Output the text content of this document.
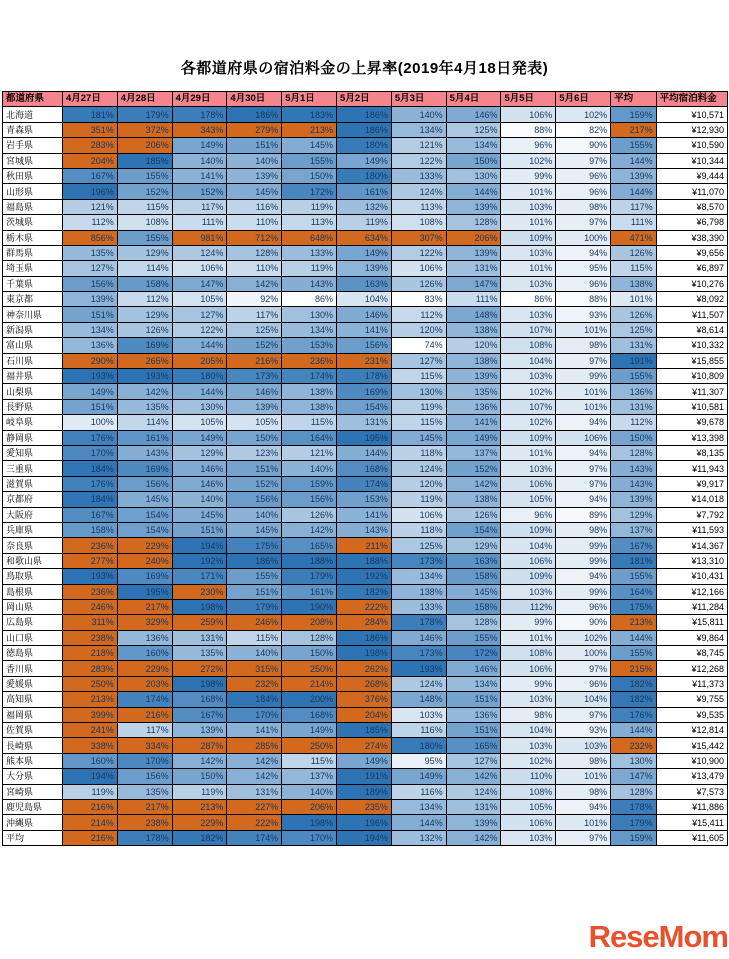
各都道府県の宿泊料金の上昇率(2019年4月18日発表)
都道府県	4月27日	4月28日	4月29日	4月30日	5月1日	5月2日	5月3日	5月4日	5月5日	5月6日	平均	平均宿泊料金
北海道	181%	179%	178%	186%	183%	186%	140%	146%	106%	102%	159%	¥10,571
青森県	351%	372%	343%	279%	213%	186%	134%	125%	88%	82%	217%	¥12,930
岩手県	283%	206%	149%	151%	145%	180%	121%	134%	96%	90%	155%	¥10,590
宮城県	204%	185%	140%	140%	155%	149%	122%	150%	102%	97%	144%	¥10,344
秋田県	167%	155%	141%	139%	150%	180%	133%	130%	99%	96%	139%	¥9,444
山形県	196%	152%	152%	145%	172%	161%	124%	144%	101%	96%	144%	¥11,070
福島県	121%	115%	117%	116%	119%	132%	113%	139%	103%	98%	117%	¥8,570
茨城県	112%	108%	111%	110%	113%	119%	108%	128%	101%	97%	111%	¥6,798
栃木県	856%	155%	981%	712%	648%	634%	307%	206%	109%	100%	471%	¥38,390
群馬県	135%	129%	124%	128%	133%	149%	122%	139%	103%	94%	126%	¥9,656
埼玉県	127%	114%	106%	110%	119%	139%	106%	131%	101%	95%	115%	¥6,897
千葉県	156%	158%	147%	142%	143%	163%	126%	147%	103%	96%	138%	¥10,276
東京都	139%	112%	105%	92%	86%	104%	83%	111%	86%	88%	101%	¥8,092
神奈川県	151%	129%	127%	117%	130%	146%	112%	148%	103%	93%	126%	¥11,507
新潟県	134%	126%	122%	125%	134%	141%	120%	138%	107%	101%	125%	¥8,614
富山県	136%	169%	144%	152%	153%	156%	74%	120%	108%	98%	131%	¥10,332
石川県	290%	265%	205%	216%	236%	231%	127%	138%	104%	97%	191%	¥15,855
福井県	193%	193%	180%	173%	174%	178%	115%	139%	103%	99%	155%	¥10,809
山梨県	149%	142%	144%	146%	138%	169%	130%	135%	102%	101%	136%	¥11,307
長野県	151%	135%	130%	139%	138%	154%	119%	136%	107%	101%	131%	¥10,581
岐阜県	100%	114%	105%	105%	115%	131%	115%	141%	102%	94%	112%	¥9,678
静岡県	176%	161%	149%	150%	164%	195%	145%	149%	109%	106%	150%	¥13,398
愛知県	170%	143%	129%	123%	121%	144%	118%	137%	101%	94%	128%	¥8,135
三重県	184%	169%	146%	151%	140%	168%	124%	152%	103%	97%	143%	¥11,943
滋賀県	176%	156%	146%	152%	159%	174%	120%	142%	106%	97%	143%	¥9,917
京都府	184%	145%	140%	156%	156%	153%	119%	138%	105%	94%	139%	¥14,018
大阪府	167%	154%	145%	140%	126%	141%	106%	126%	96%	89%	129%	¥7,792
兵庫県	158%	154%	151%	145%	142%	143%	118%	154%	109%	98%	137%	¥11,593
奈良県	236%	229%	194%	175%	165%	211%	125%	129%	104%	99%	167%	¥14,367
和歌山県	277%	240%	192%	186%	188%	188%	173%	163%	106%	99%	181%	¥13,310
鳥取県	193%	169%	171%	155%	179%	192%	134%	158%	109%	94%	155%	¥10,431
島根県	236%	195%	230%	151%	161%	182%	138%	145%	103%	99%	164%	¥12,166
岡山県	246%	217%	198%	179%	190%	222%	133%	158%	112%	96%	175%	¥11,284
広島県	311%	329%	259%	246%	208%	284%	178%	128%	99%	90%	213%	¥15,811
山口県	238%	136%	131%	115%	128%	186%	146%	155%	101%	102%	144%	¥9,864
徳島県	218%	160%	135%	140%	150%	198%	173%	172%	108%	100%	155%	¥8,745
香川県	283%	229%	272%	315%	250%	262%	193%	146%	106%	97%	215%	¥12,268
愛媛県	250%	203%	198%	232%	214%	268%	124%	134%	99%	96%	182%	¥11,373
高知県	213%	174%	168%	184%	200%	376%	148%	151%	103%	104%	182%	¥9,755
福岡県	399%	216%	167%	170%	168%	204%	103%	136%	98%	97%	176%	¥9,535
佐賀県	241%	117%	139%	141%	149%	185%	116%	151%	104%	93%	144%	¥12,814
長崎県	338%	334%	287%	285%	250%	274%	180%	165%	103%	103%	232%	¥15,442
熊本県	160%	170%	142%	142%	115%	149%	95%	127%	102%	98%	130%	¥10,900
大分県	194%	156%	150%	142%	137%	191%	149%	142%	110%	101%	147%	¥13,479
宮崎県	119%	135%	119%	131%	140%	189%	116%	124%	108%	98%	128%	¥7,573
鹿児島県	216%	217%	213%	227%	206%	235%	134%	131%	105%	94%	178%	¥11,886
沖縄県	214%	238%	229%	222%	198%	196%	144%	139%	106%	101%	179%	¥15,411
平均	216%	178%	182%	174%	170%	194%	132%	142%	103%	97%	159%	¥11,605
ReseMom
